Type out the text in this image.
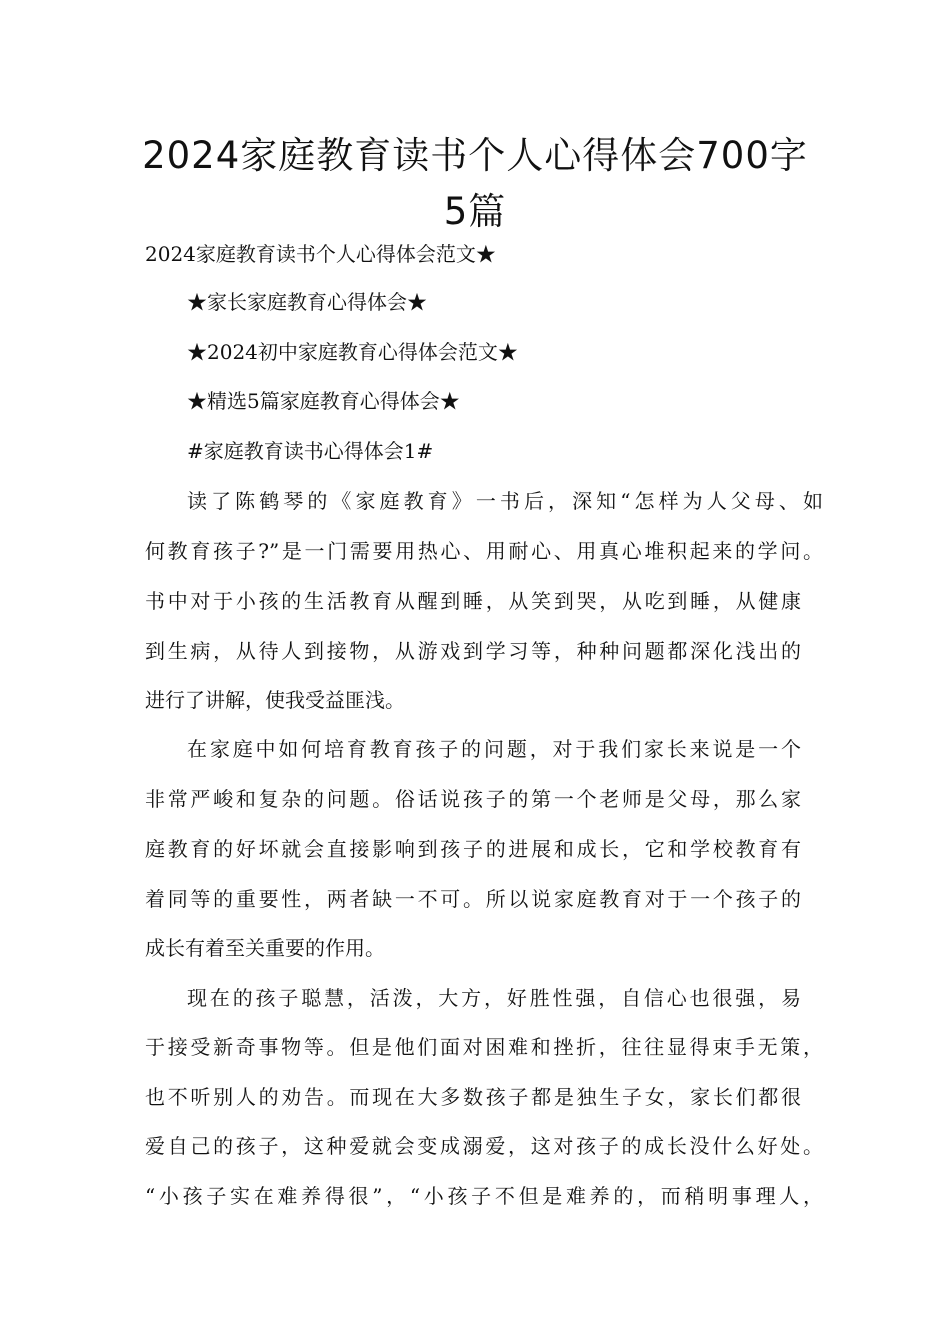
2024家庭教育读书个人心得体会700字
5篇

2024家庭教育读书个人心得体会范文★

★家长家庭教育心得体会★

★2024初中家庭教育心得体会范文★

★精选5篇家庭教育心得体会★

#家庭教育读书心得体会1#

读了陈鹤琴的《家庭教育》一书后，深知“怎样为人父母、如

何教育孩子?”是一门需要用热心、用耐心、用真心堆积起来的学问。

书中对于小孩的生活教育从醒到睡，从笑到哭，从吃到睡，从健康

到生病，从待人到接物，从游戏到学习等，种种问题都深化浅出的

进行了讲解，使我受益匪浅。

在家庭中如何培育教育孩子的问题，对于我们家长来说是一个

非常严峻和复杂的问题。俗话说孩子的第一个老师是父母，那么家

庭教育的好坏就会直接影响到孩子的进展和成长，它和学校教育有

着同等的重要性，两者缺一不可。所以说家庭教育对于一个孩子的

成长有着至关重要的作用。

现在的孩子聪慧，活泼，大方，好胜性强，自信心也很强，易

于接受新奇事物等。但是他们面对困难和挫折，往往显得束手无策，

也不听别人的劝告。而现在大多数孩子都是独生子女，家长们都很

爱自己的孩子，这种爱就会变成溺爱，这对孩子的成长没什么好处。

“小孩子实在难养得很”，“小孩子不但是难养的，而稍明事理人，
